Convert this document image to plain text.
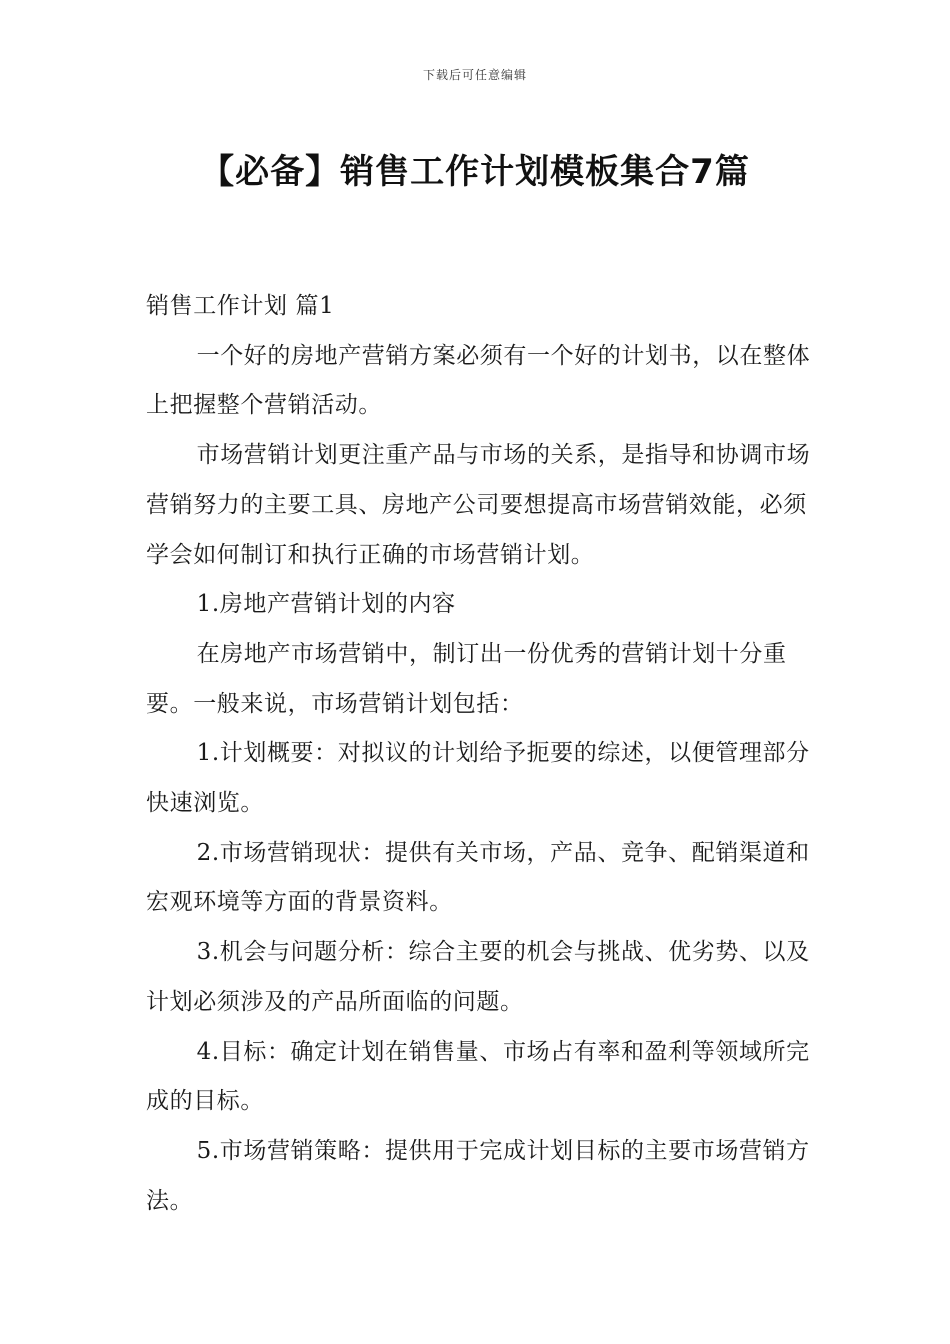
下载后可任意编辑
【必备】销售工作计划模板集合7篇

销售工作计划 篇1

一个好的房地产营销方案必须有一个好的计划书，以在整体上把握整个营销活动。

市场营销计划更注重产品与市场的关系，是指导和协调市场营销努力的主要工具、房地产公司要想提高市场营销效能，必须学会如何制订和执行正确的市场营销计划。

1.房地产营销计划的内容

在房地产市场营销中，制订出一份优秀的营销计划十分重要。一般来说，市场营销计划包括：

1.计划概要：对拟议的计划给予扼要的综述，以便管理部分快速浏览。

2.市场营销现状：提供有关市场，产品、竞争、配销渠道和宏观环境等方面的背景资料。

3.机会与问题分析：综合主要的机会与挑战、优劣势、以及计划必须涉及的产品所面临的问题。

4.目标：确定计划在销售量、市场占有率和盈利等领域所完成的目标。

5.市场营销策略：提供用于完成计划目标的主要市场营销方法。
